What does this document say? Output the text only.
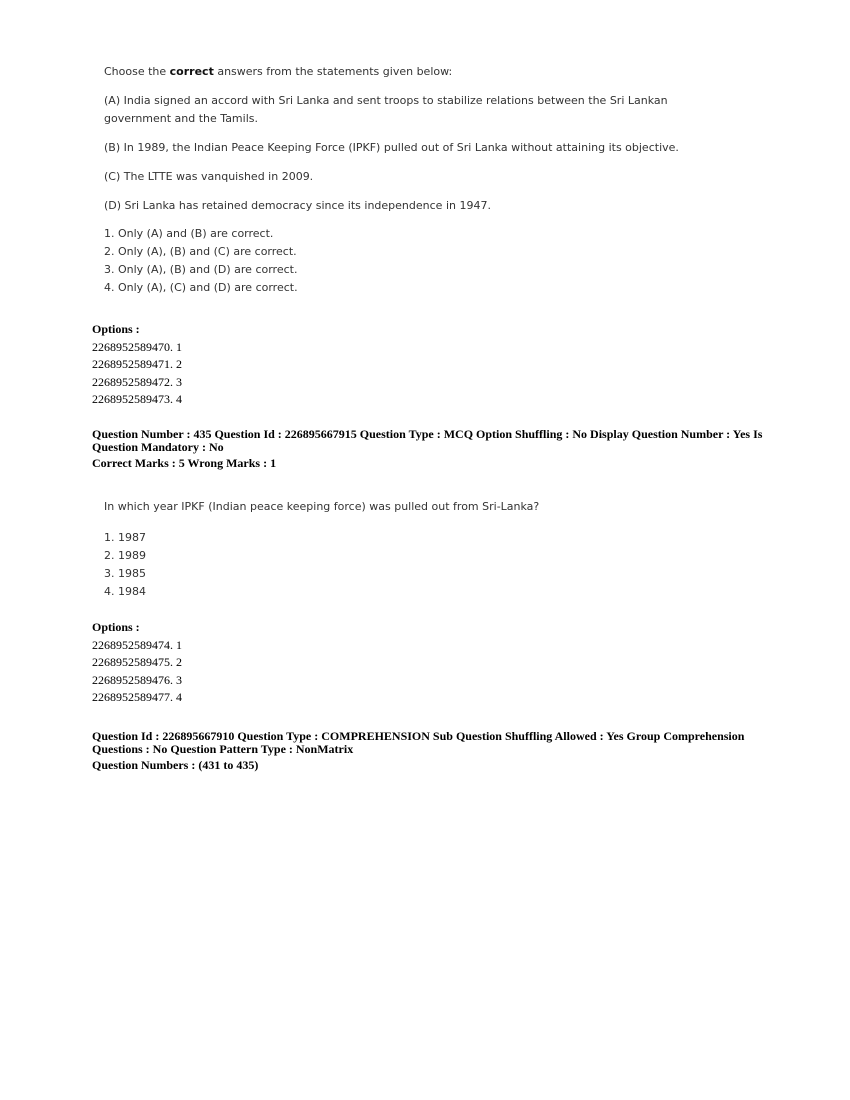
Choose the correct answers from the statements given below:

(A) India signed an accord with Sri Lanka and sent troops to stabilize relations between the Sri Lankan government and the Tamils.

(B) In 1989, the Indian Peace Keeping Force (IPKF) pulled out of Sri Lanka without attaining its objective.

(C) The LTTE was vanquished in 2009.

(D) Sri Lanka has retained democracy since its independence in 1947.

1. Only (A) and (B) are correct.

2. Only (A), (B) and (C) are correct.

3. Only (A), (B) and (D) are correct.

4. Only (A), (C) and (D) are correct.

Options :

2268952589470. 1

2268952589471. 2

2268952589472. 3

2268952589473. 4

Question Number : 435 Question Id : 226895667915 Question Type : MCQ Option Shuffling : No Display Question Number : Yes Is

Question Mandatory : No

Correct Marks : 5 Wrong Marks : 1

In which year IPKF (Indian peace keeping force) was pulled out from Sri-Lanka?

1. 1987

2. 1989

3. 1985

4. 1984

Options :

2268952589474. 1

2268952589475. 2

2268952589476. 3

2268952589477. 4

Question Id : 226895667910 Question Type : COMPREHENSION Sub Question Shuffling Allowed : Yes Group Comprehension

Questions : No Question Pattern Type : NonMatrix

Question Numbers : (431 to 435)
